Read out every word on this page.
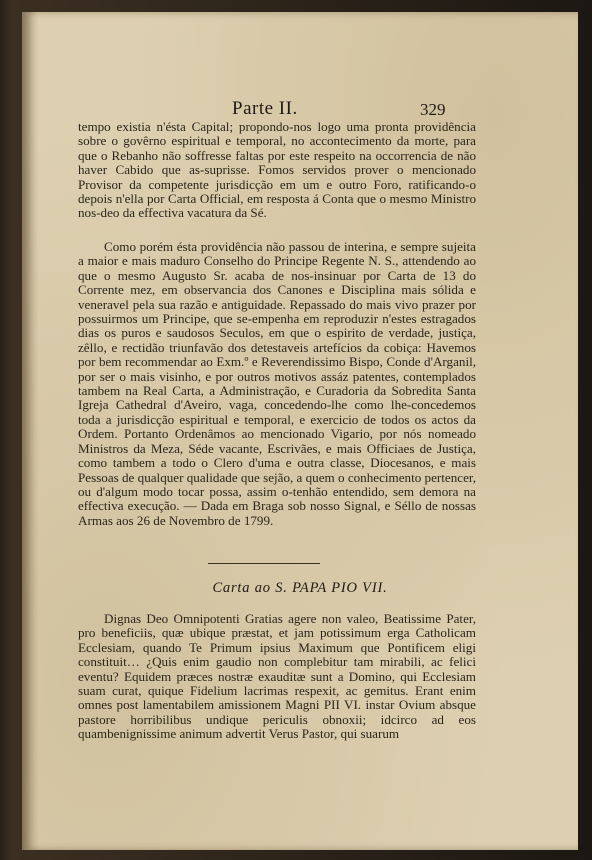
Parte II.	329

tempo existia n'ésta Capital; propondo-nos logo uma pronta providência sobre o govêrno espiritual e temporal, no accontecimento da morte, para que o Rebanho não soffresse faltas por este respeito na occorrencia de não haver Cabido que as-suprisse. Fomos servidos prover o mencionado Provisor da competente jurisdicção em um e outro Foro, ratificando-o depois n'ella por Carta Official, em resposta á Conta que o mesmo Ministro nos-deo da effectiva vacatura da Sé.

Como porém ésta providência não passou de interina, e sempre sujeita a maior e mais maduro Conselho do Principe Regente N. S., attendendo ao que o mesmo Augusto Sr. acaba de nos-insinuar por Carta de 13 do Corrente mez, em observancia dos Canones e Disciplina mais sólida e veneravel pela sua razão e antiguidade. Repassado do mais vivo prazer por possuirmos um Principe, que se-empenha em reproduzir n'estes estragados dias os puros e saudosos Seculos, em que o espirito de verdade, justiça, zêllo, e rectidão triunfavão dos detestaveis artefícios da cobiça: Havemos por bem recommendar ao Exm.º e Reverendissimo Bispo, Conde d'Arganil, por ser o mais visinho, e por outros motivos assáz patentes, contemplados tambem na Real Carta, a Administração, e Curadoria da Sobredita Santa Igreja Cathedral d'Aveiro, vaga, concedendo-lhe como lhe-concedemos toda a jurisdicção espiritual e temporal, e exercicio de todos os actos da Ordem. Portanto Ordenâmos ao mencionado Vigario, por nós nomeado Ministros da Meza, Séde vacante, Escrivães, e mais Officiaes de Justiça, como tambem a todo o Clero d'uma e outra classe, Diocesanos, e mais Pessoas de qualquer qualidade que sejão, a quem o conhecimento pertencer, ou d'algum modo tocar possa, assim o-tenhão entendido, sem demora na effectiva execução. — Dada em Braga sob nosso Signal, e Séllo de nossas Armas aos 26 de Novembro de 1799.

Carta ao S. PAPA PIO VII.

Dignas Deo Omnipotenti Gratias agere non valeo, Beatissime Pater, pro beneficiis, quæ ubique præstat, et jam potissimum erga Catholicam Ecclesiam, quando Te Primum ipsius Maximum que Pontificem eligi constituit… ¿Quis enim gaudio non complebitur tam mirabili, ac felici eventu? Equidem præces nostræ exauditæ sunt a Domino, qui Ecclesiam suam curat, quique Fidelium lacrimas respexit, ac gemitus. Erant enim omnes post lamentabilem amissionem Magni PII VI. instar Ovium absque pastore horribilibus undique periculis obnoxii; idcirco ad eos quambenignissime animum advertit Verus Pastor, qui suarum
